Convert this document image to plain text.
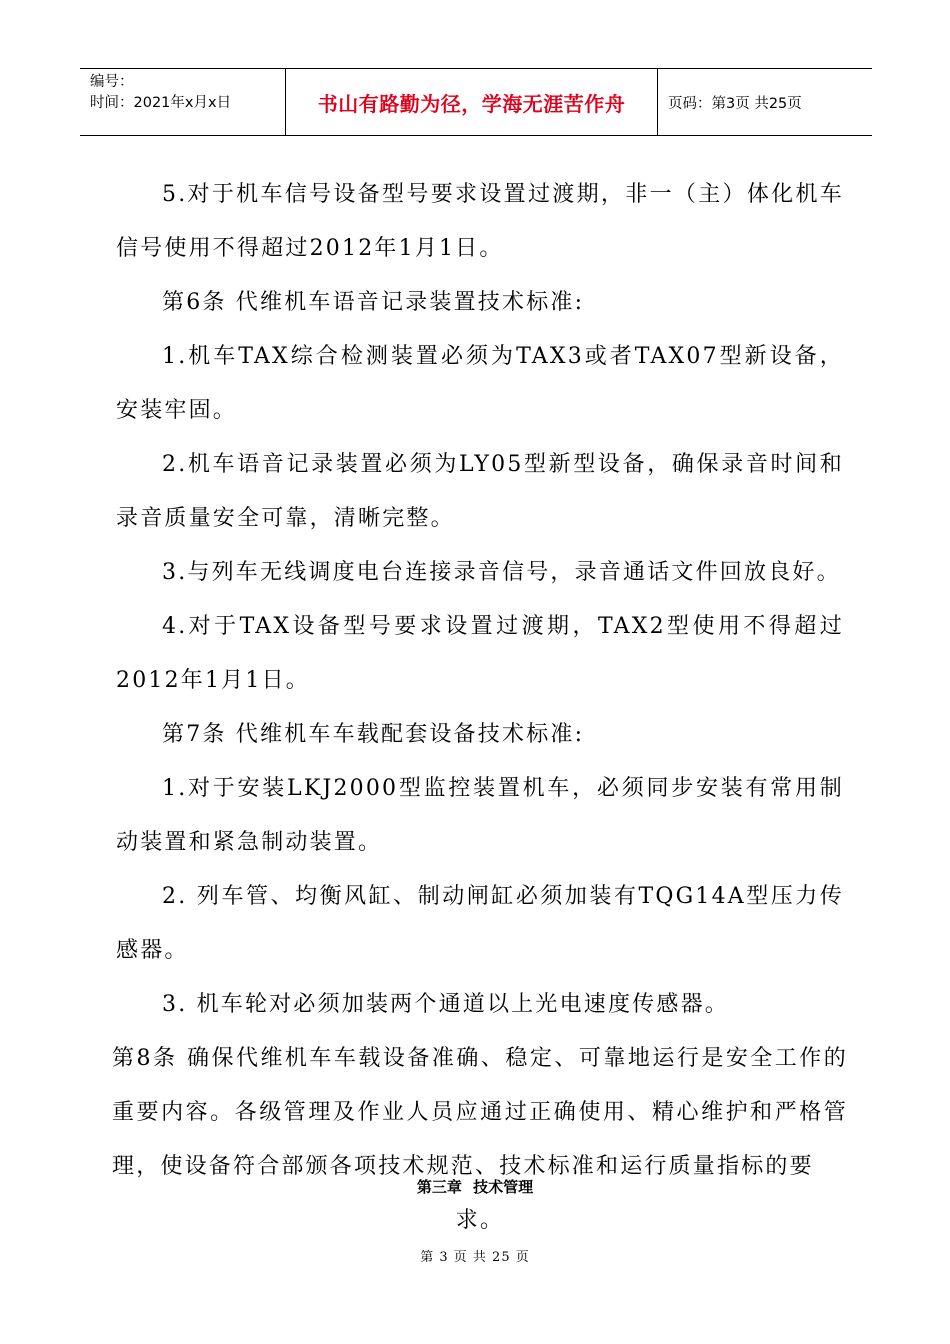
编号：
时间：2021年x月x日	书山有路勤为径，学海无涯苦作舟	页码：第3页 共25页

5.对于机车信号设备型号要求设置过渡期，非一（主）体化机车信号使用不得超过2012年1月1日。

第6条 代维机车语音记录装置技术标准:

1.机车TAX综合检测装置必须为TAX3或者TAX07型新设备，安装牢固。

2.机车语音记录装置必须为LY05型新型设备，确保录音时间和录音质量安全可靠，清晰完整。

3.与列车无线调度电台连接录音信号，录音通话文件回放良好。

4.对于TAX设备型号要求设置过渡期，TAX2型使用不得超过2012年1月1日。

第7条 代维机车车载配套设备技术标准:

1.对于安装LKJ2000型监控装置机车，必须同步安装有常用制动装置和紧急制动装置。

2. 列车管、均衡风缸、制动闸缸必须加装有TQG14A型压力传感器。

3. 机车轮对必须加装两个通道以上光电速度传感器。

第8条 确保代维机车车载设备准确、稳定、可靠地运行是安全工作的重要内容。各级管理及作业人员应通过正确使用、精心维护和严格管理，使设备符合部颁各项技术规范、技术标准和运行质量指标的要

求。

第三章 技术管理
第 3 页 共 25 页
